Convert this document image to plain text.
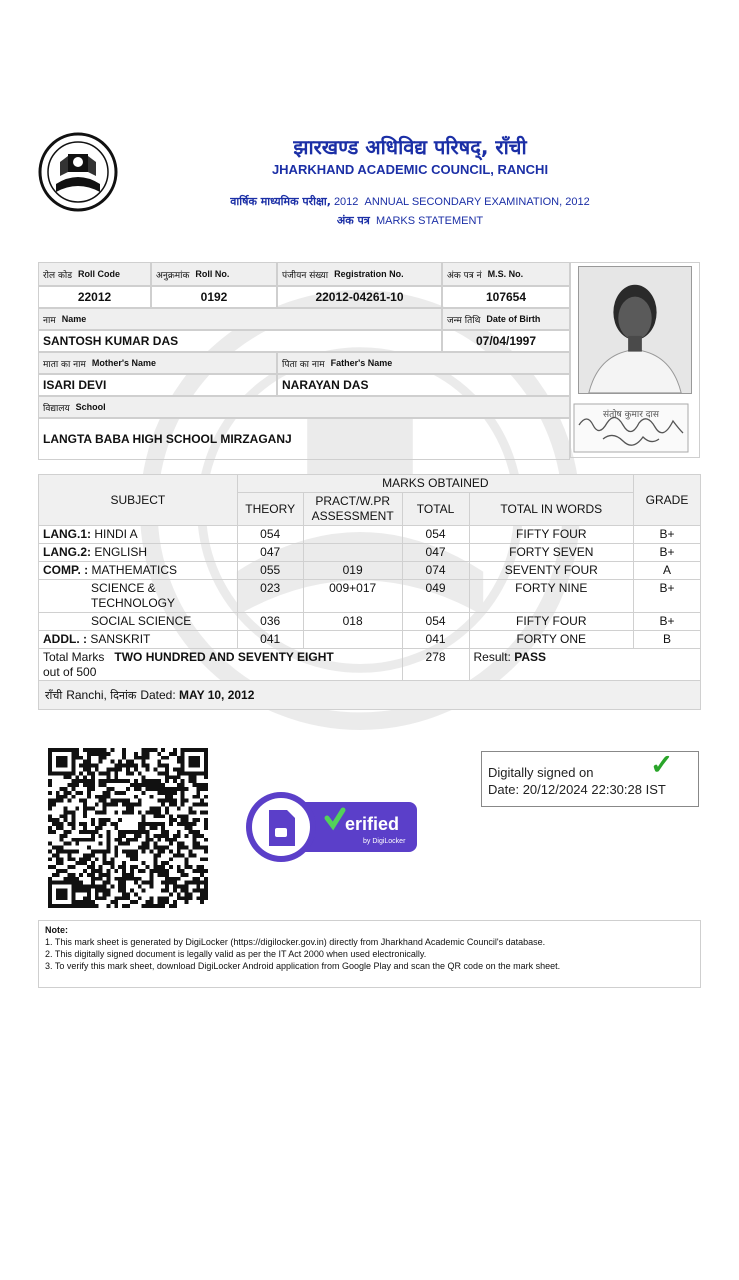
झारखण्ड अधिविद्य परिषद्, राँची
JHARKHAND ACADEMIC COUNCIL, RANCHI
वार्षिक माध्यमिक परीक्षा, 2012 ANNUAL SECONDARY EXAMINATION, 2012
अंक पत्र MARKS STATEMENT
रोल कोड Roll Code	अनुक्रमांक Roll No.	पंजीयन संख्या Registration No.	अंक पत्र नं M.S. No.
22012	0192	22012-04261-10	107654
नाम Name	जन्म तिथि Date of Birth
SANTOSH KUMAR DAS	07/04/1997
माता का नाम Mother's Name	पिता का नाम Father's Name
ISARI DEVI	NARAYAN DAS
विद्यालय School
LANGTA BABA HIGH SCHOOL MIRZAGANJ
संतोष कुमार दास
SUBJECT	MARKS OBTAINED				GRADE
	THEORY	PRACT/W.PR ASSESSMENT	TOTAL	TOTAL IN WORDS	
LANG.1: HINDI A	054		054	FIFTY FOUR	B+
LANG.2: ENGLISH	047		047	FORTY SEVEN	B+
COMP. : MATHEMATICS	055	019	074	SEVENTY FOUR	A
SCIENCE & TECHNOLOGY	023	009+017	049	FORTY NINE	B+
SOCIAL SCIENCE	036	018	054	FIFTY FOUR	B+
ADDL. : SANSKRIT	041		041	FORTY ONE	B
Total Marks TWO HUNDRED AND SEVENTY EIGHT
out of 500			278	Result: PASS	
राँची Ranchi,
दिनांक Dated:
MAY 10, 2012
erified
by DigiLocker
Digitally signed on
Date: 20/12/2024 22:30:28 IST
✓
Note:
1. This mark sheet is generated by DigiLocker (https://digilocker.gov.in) directly from Jharkhand Academic Council's database.
2. This digitally signed document is legally valid as per the IT Act 2000 when used electronically.
3. To verify this mark sheet, download DigiLocker Android application from Google Play and scan the QR code on the mark sheet.
